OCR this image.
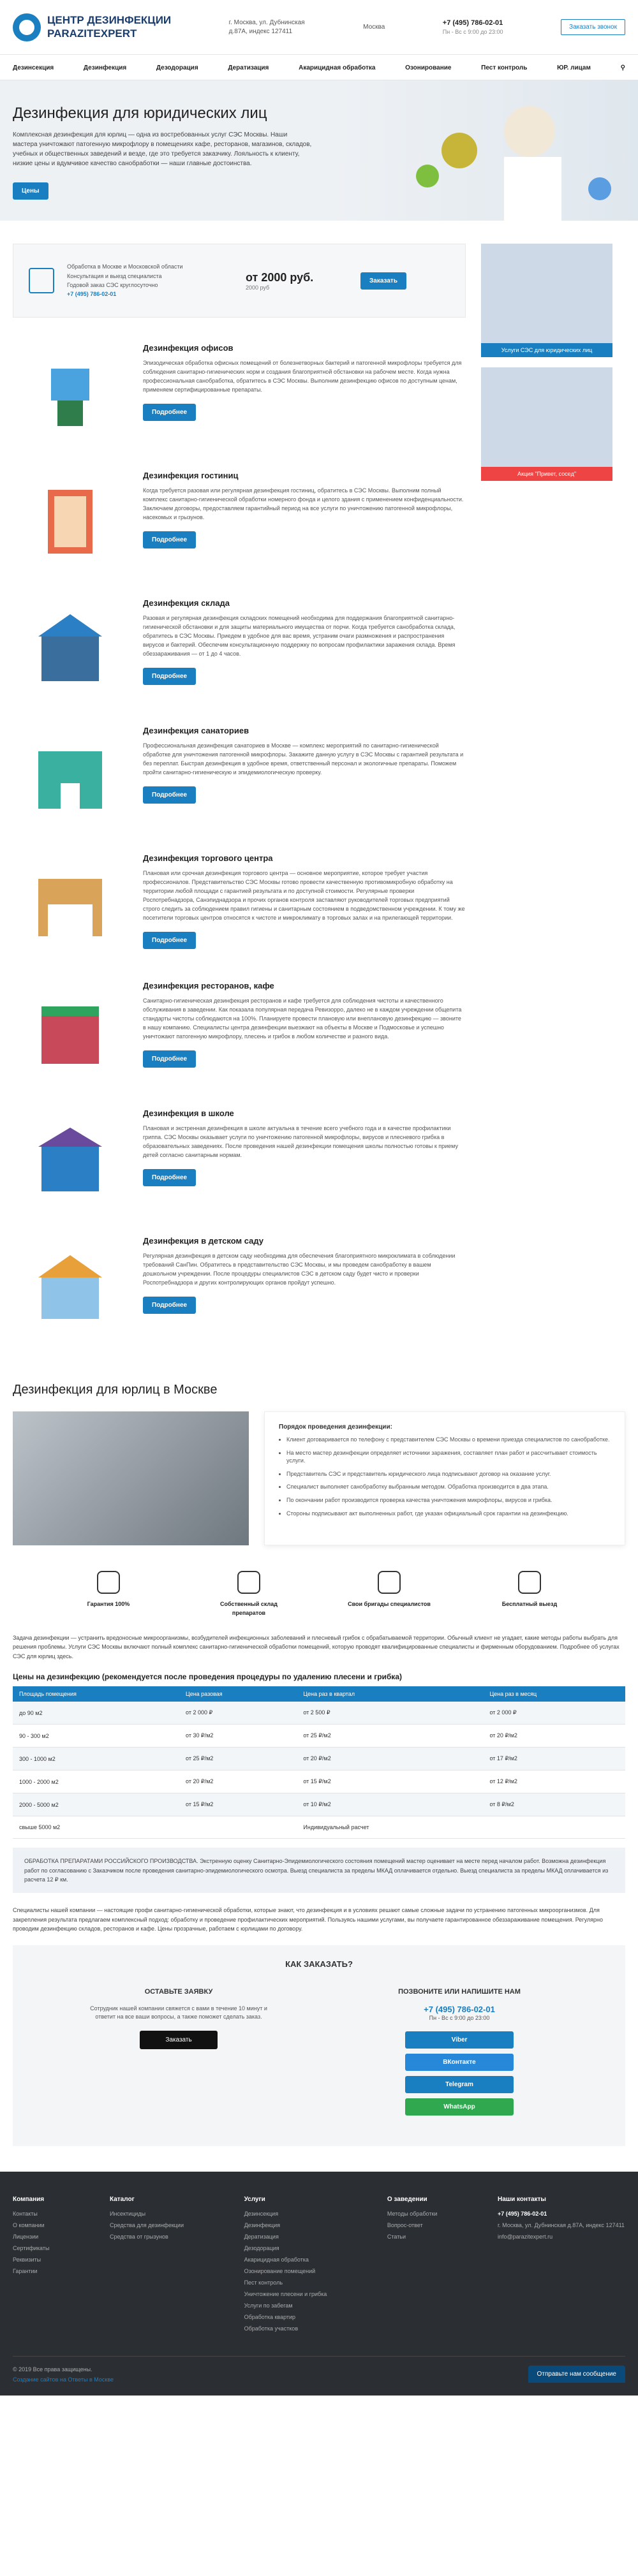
ЦЕНТР ДЕЗИНФЕКЦИИ
PARAZITEXPERT
г. Москва, ул. Дубнинская д.87А, индекс 127411
Москва
+7 (495) 786-02-01
Пн - Вс с 9:00 до 23:00
Заказать звонок
Дезинсекция	Дезинфекция	Дезодорация	Дератизация	Акарицидная обработка	Озонирование	Пест контроль	ЮР. лицам	⚲
Дезинфекция для юридических лиц

Комплексная дезинфекция для юрлиц — одна из востребованных услуг СЭС Москвы. Наши мастера уничтожают патогенную микрофлору в помещениях кафе, ресторанов, магазинов, складов, учебных и общественных заведений и везде, где это требуется заказчику. Лояльность к клиенту, низкие цены и вдумчивое качество санобработки — наши главные достоинства.

Цены
Обработка в Москве и Московской области
Консультация и выезд специалиста
Годовой заказ СЭС круглосуточно
+7 (495) 786-02-01
от 2000 руб.
2000 руб
Заказать
Дезинфекция офисов

Эпизодическая обработка офисных помещений от болезнетворных бактерий и патогенной микрофлоры требуется для соблюдения санитарно-гигиенических норм и создания благоприятной обстановки на рабочем месте. Когда нужна профессиональная санобработка, обратитесь в СЭС Москвы. Выполним дезинфекцию офисов по доступным ценам, применяем сертифицированные препараты.

Подробнее
Дезинфекция гостиниц

Когда требуется разовая или регулярная дезинфекция гостиниц, обратитесь в СЭС Москвы. Выполним полный комплекс санитарно-гигиенической обработки номерного фонда и целого здания с применением конфиденциальности. Заключаем договоры, предоставляем гарантийный период на все услуги по уничтожению патогенной микрофлоры, насекомых и грызунов.

Подробнее
Дезинфекция склада

Разовая и регулярная дезинфекция складских помещений необходима для поддержания благоприятной санитарно-гигиенической обстановки и для защиты материального имущества от порчи. Когда требуется санобработка склада, обратитесь в СЭС Москвы. Приедем в удобное для вас время, устраним очаги размножения и распространения вирусов и бактерий. Обеспечим консультационную поддержку по вопросам профилактики заражения склада. Время обеззараживания — от 1 до 4 часов.

Подробнее
Дезинфекция санаториев

Профессиональная дезинфекция санаториев в Москве — комплекс мероприятий по санитарно-гигиенической обработке для уничтожения патогенной микрофлоры. Закажите данную услугу в СЭС Москвы с гарантией результата и без переплат. Быстрая дезинфекция в удобное время, ответственный персонал и экологичные препараты. Поможем пройти санитарно-гигиеническую и эпидемиологическую проверку.

Подробнее
Дезинфекция торгового центра

Плановая или срочная дезинфекция торгового центра — основное мероприятие, которое требует участия профессионалов. Представительство СЭС Москвы готово провести качественную противомикробную обработку на территории любой площади с гарантией результата и по доступной стоимости. Регулярные проверки Роспотребнадзора, Санэпиднадзора и прочих органов контроля заставляют руководителей торговых предприятий строго следить за соблюдением правил гигиены и санитарным состоянием в подведомственном учреждении. К тому же посетители торговых центров относятся к чистоте и микроклимату в торговых залах и на прилегающей территории.

Подробнее
Дезинфекция ресторанов, кафе

Санитарно-гигиеническая дезинфекция ресторанов и кафе требуется для соблюдения чистоты и качественного обслуживания в заведении. Как показала популярная передача Ревизорро, далеко не в каждом учреждении общепита стандарты чистоты соблюдаются на 100%. Планируете провести плановую или внеплановую дезинфекцию — звоните в нашу компанию. Специалисты центра дезинфекции выезжают на объекты в Москве и Подмосковье и успешно уничтожают патогенную микрофлору, плесень и грибок в любом количестве и разного вида.

Подробнее
Дезинфекция в школе

Плановая и экстренная дезинфекция в школе актуальна в течение всего учебного года и в качестве профилактики гриппа. СЭС Москвы оказывает услуги по уничтожению патогенной микрофлоры, вирусов и плесневого грибка в образовательных заведениях. После проведения нашей дезинфекции помещения школы полностью готовы к приему детей согласно санитарным нормам.

Подробнее
Дезинфекция в детском саду

Регулярная дезинфекция в детском саду необходима для обеспечения благоприятного микроклимата в соблюдении требований СанПин. Обратитесь в представительство СЭС Москвы, и мы проведем санобработку в вашем дошкольном учреждении. После процедуры специалистов СЭС в детском саду будет чисто и проверки Роспотребнадзора и других контролирующих органов пройдут успешно.

Подробнее
Услуги СЭС для юридических лиц
Акция "Привет, сосед"
Дезинфекция для юрлиц в Москве
Порядок проведения дезинфекции:
• Клиент договаривается по телефону с представителем СЭС Москвы о времени приезда специалистов по санобработке.
• На место мастер дезинфекции определяет источники заражения, составляет план работ и рассчитывает стоимость услуги.
• Представитель СЭС и представитель юридического лица подписывают договор на оказание услуг.
• Специалист выполняет санобработку выбранным методом. Обработка производится в два этапа.
• По окончании работ производится проверка качества уничтожения микрофлоры, вирусов и грибка.
• Стороны подписывают акт выполненных работ, где указан официальный срок гарантии на дезинфекцию.
Гарантия 100%	Собственный склад препаратов
Свои бригады специалистов	Бесплатный выезд

Задача дезинфекции — устранить вредоносные микроорганизмы, возбудителей инфекционных заболеваний и плесневый грибок с обрабатываемой территории. Обычный клиент не угадает, какие методы работы выбрать для решения проблемы. Услуги СЭС Москвы включают полный комплекс санитарно-гигиенической обработки помещений, которую проводят квалифицированные специалисты и фирменным оборудованием. Подробнее об услугах СЭС для юрлиц здесь.

Цены на дезинфекцию (рекомендуется после проведения процедуры по удалению плесени и грибка)
Площадь помещения	Цена разовая	Цена раз в квартал	Цена раз в месяц
до 90 м2	от 2 000 ₽	от 2 500 ₽	от 2 000 ₽
90 - 300 м2	от 30 ₽/м2	от 25 ₽/м2	от 20 ₽/м2
300 - 1000 м2	от 25 ₽/м2	от 20 ₽/м2	от 17 ₽/м2
1000 - 2000 м2	от 20 ₽/м2	от 15 ₽/м2	от 12 ₽/м2
2000 - 5000 м2	от 15 ₽/м2	от 10 ₽/м2	от 8 ₽/м2
свыше 5000 м2		Индивидуальный расчет	
ОБРАБОТКА ПРЕПАРАТАМИ РОССИЙСКОГО ПРОИЗВОДСТВА. Экстренную оценку Санитарно-Эпидемиологического состояния помещений мастер оценивает на месте перед началом работ. Возможна дезинфекция работ по согласованию с Заказчиком после проведения санитарно-эпидемиологического осмотра. Выезд специалиста за пределы МКАД оплачивается отдельно. Выезд специалиста за пределы МКАД оплачивается из расчета 12 ₽ км.

Специалисты нашей компании — настоящие профи санитарно-гигиенической обработки, которые знают, что дезинфекция и в условиях решают самые сложные задачи по устранению патогенных микроорганизмов. Для закрепления результата предлагаем комплексный подход: обработку и проведение профилактических мероприятий. Пользуясь нашими услугами, вы получаете гарантированное обеззараживание помещения. Регулярно проводим дезинфекцию складов, ресторанов и кафе. Цены прозрачные, работаем с юрлицами по договору.

КАК ЗАКАЗАТЬ?
ОСТАВЬТЕ ЗАЯВКУ

Сотрудник нашей компании свяжется с вами в течение 10 минут и ответит на все ваши вопросы, а также поможет сделать заказ.

Заказать
ПОЗВОНИТЕ ИЛИ НАПИШИТЕ НАМ
+7 (495) 786-02-01

Пн - Вс с 9:00 до 23:00

Viber
ВКонтакте
Telegram
WhatsApp
Компания
Контакты
О компании
Лицензии
Сертификаты
Реквизиты
Гарантии
Каталог
Инсектициды
Средства для дезинфекции
Средства от грызунов
Услуги
Дезинсекция
Дезинфекция
Дератизация
Дезодорация
Акарицидная обработка
Озонирование помещений
Пест контроль
Уничтожение плесени и грибка
Услуги по забегам
Обработка квартир
Обработка участков
О заведении
Методы обработки
Вопрос-ответ
Статьи
Наши контакты
+7 (495) 786-02-01
г. Москва, ул. Дубнинская д.87А, индекс 127411
info@parazitexpert.ru
© 2019 Все права защищены.
Создание сайтов на Ответы в Москве
Отправьте нам сообщение
